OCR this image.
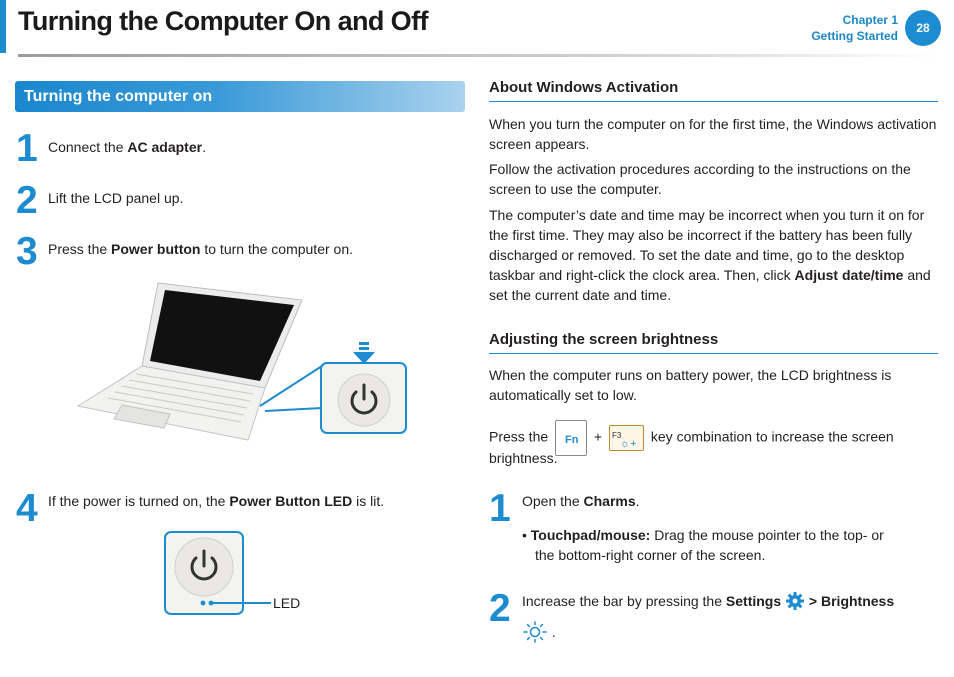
Turning the Computer On and Off	Chapter 1
Getting Started
28
Turning the computer on
1 Connect the AC adapter.
2 Lift the LCD panel up.
3 Press the Power button to turn the computer on.
4 If the power is turned on, the Power Button LED is lit.
LED
About Windows Activation
When you turn the computer on for the first time, the Windows activation screen appears.
Follow the activation procedures according to the instructions on the screen to use the computer.
The computer’s date and time may be incorrect when you turn it on for the first time. They may also be incorrect if the battery has been fully discharged or removed. To set the date and time, go to the desktop taskbar and right-click the clock area. Then, click Adjust date/time and set the current date and time.
Adjusting the screen brightness
When the computer runs on battery power, the LCD brightness is automatically set to low.
Press the Fn + F3
☼+ key combination to increase the screen
brightness.
1 Open the Charms.
• Touchpad/mouse: Drag the mouse pointer to the top- or
the bottom-right corner of the screen.
2 Increase the bar by pressing the Settings  > Brightness
.
